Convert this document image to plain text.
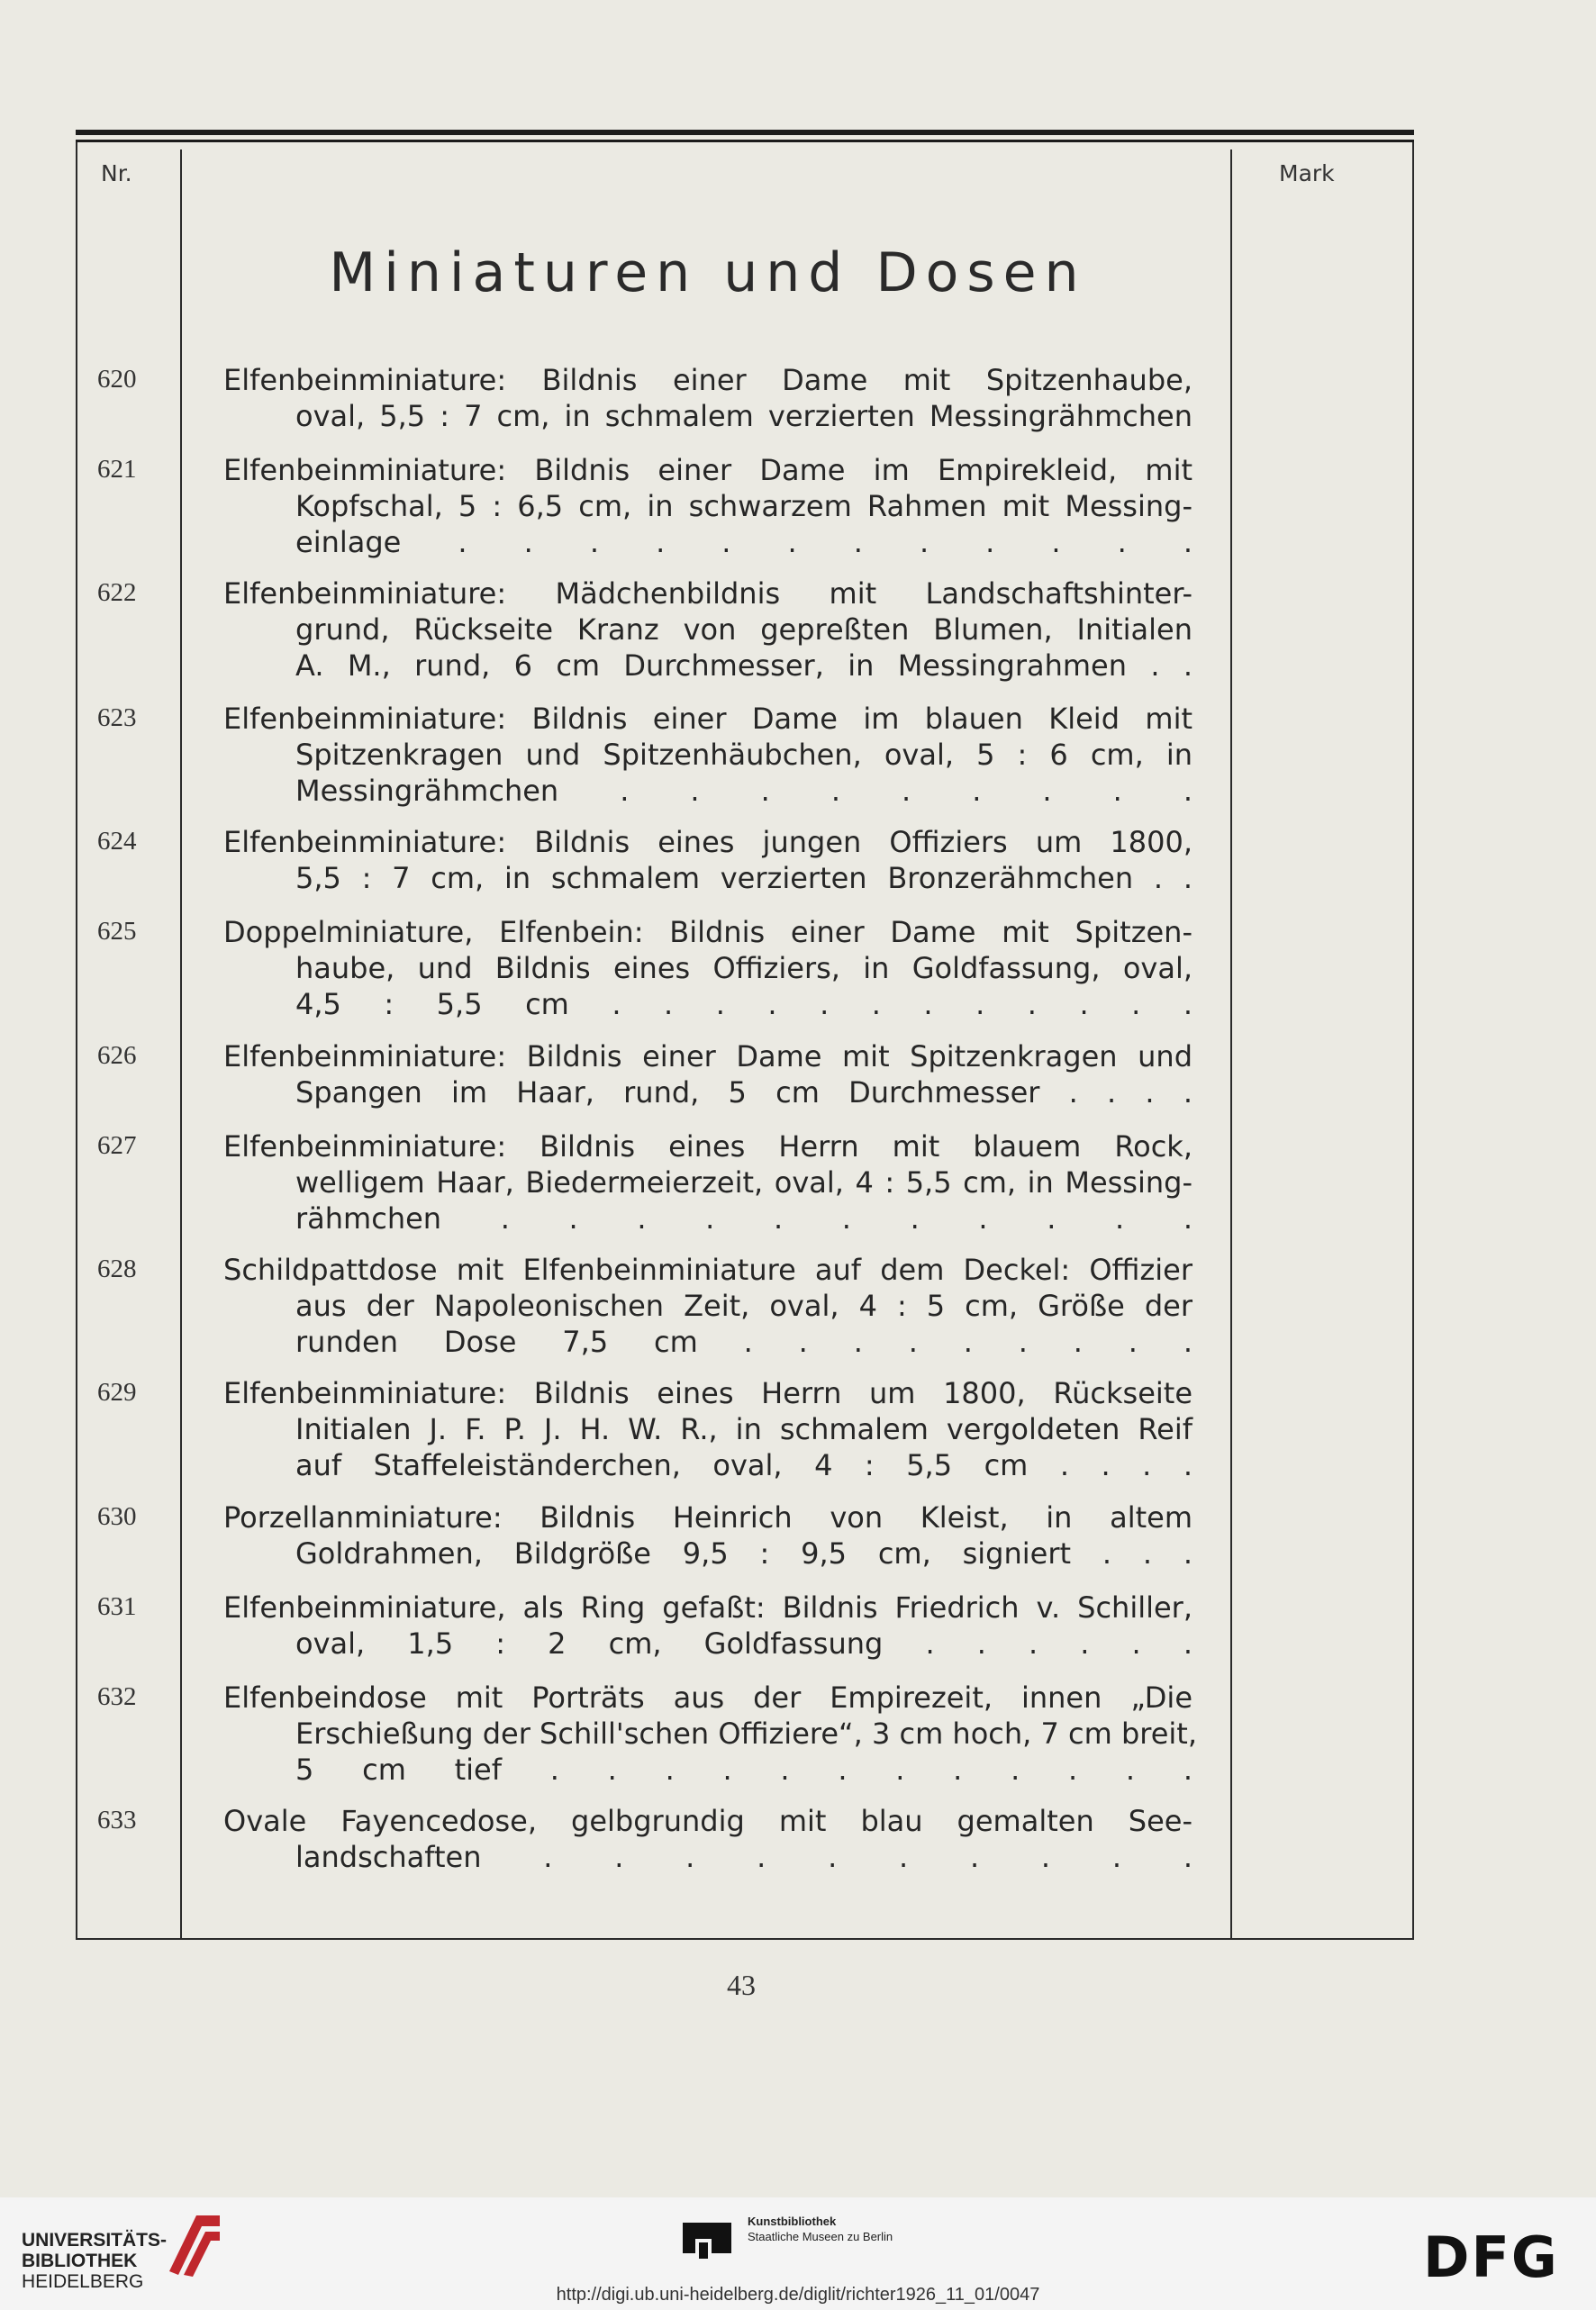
Nr.	Mark
Miniaturen und Dosen
620	Elfenbeinminiature: Bildnis einer Dame mit Spitzenhaube,
oval, 5,5 : 7 cm, in schmalem verzierten Messingrähmchen
621	Elfenbeinminiature: Bildnis einer Dame im Empirekleid, mit
Kopfschal, 5 : 6,5 cm, in schwarzem Rahmen mit Messing-
einlage . . . . . . . . . . . .
622	Elfenbeinminiature: Mädchenbildnis mit Landschaftshinter-
grund, Rückseite Kranz von gepreßten Blumen, Initialen
A. M., rund, 6 cm Durchmesser, in Messingrahmen . .
623	Elfenbeinminiature: Bildnis einer Dame im blauen Kleid mit
Spitzenkragen und Spitzenhäubchen, oval, 5 : 6 cm, in
Messingrähmchen . . . . . . . . .
624	Elfenbeinminiature: Bildnis eines jungen Offiziers um 1800,
5,5 : 7 cm, in schmalem verzierten Bronzerähmchen . .
625	Doppelminiature, Elfenbein: Bildnis einer Dame mit Spitzen-
haube, und Bildnis eines Offiziers, in Goldfassung, oval,
4,5 : 5,5 cm . . . . . . . . . . . .
626	Elfenbeinminiature: Bildnis einer Dame mit Spitzenkragen und
Spangen im Haar, rund, 5 cm Durchmesser . . . .
627	Elfenbeinminiature: Bildnis eines Herrn mit blauem Rock,
welligem Haar, Biedermeierzeit, oval, 4 : 5,5 cm, in Messing-
rähmchen . . . . . . . . . . .
628	Schildpattdose mit Elfenbeinminiature auf dem Deckel: Offizier
aus der Napoleonischen Zeit, oval, 4 : 5 cm, Größe der
runden Dose 7,5 cm . . . . . . . . .
629	Elfenbeinminiature: Bildnis eines Herrn um 1800, Rückseite
Initialen J. F. P. J. H. W. R., in schmalem vergoldeten Reif
auf Staffeleiständerchen, oval, 4 : 5,5 cm . . . .
630	Porzellanminiature: Bildnis Heinrich von Kleist, in altem
Goldrahmen, Bildgröße 9,5 : 9,5 cm, signiert . . .
631	Elfenbeinminiature, als Ring gefaßt: Bildnis Friedrich v. Schiller,
oval, 1,5 : 2 cm, Goldfassung . . . . . .
632	Elfenbeindose mit Porträts aus der Empirezeit, innen „Die
Erschießung der Schill'schen Offiziere“, 3 cm hoch, 7 cm breit,
5 cm tief . . . . . . . . . . . .
633	Ovale Fayencedose, gelbgrundig mit blau gemalten See-
landschaften . . . . . . . . . .
43
UNIVERSITÄTS-
BIBLIOTHEK
HEIDELBERG
Kunstbibliothek
Staatliche Museen zu Berlin	DFG
http://digi.ub.uni-heidelberg.de/diglit/richter1926_11_01/0047
